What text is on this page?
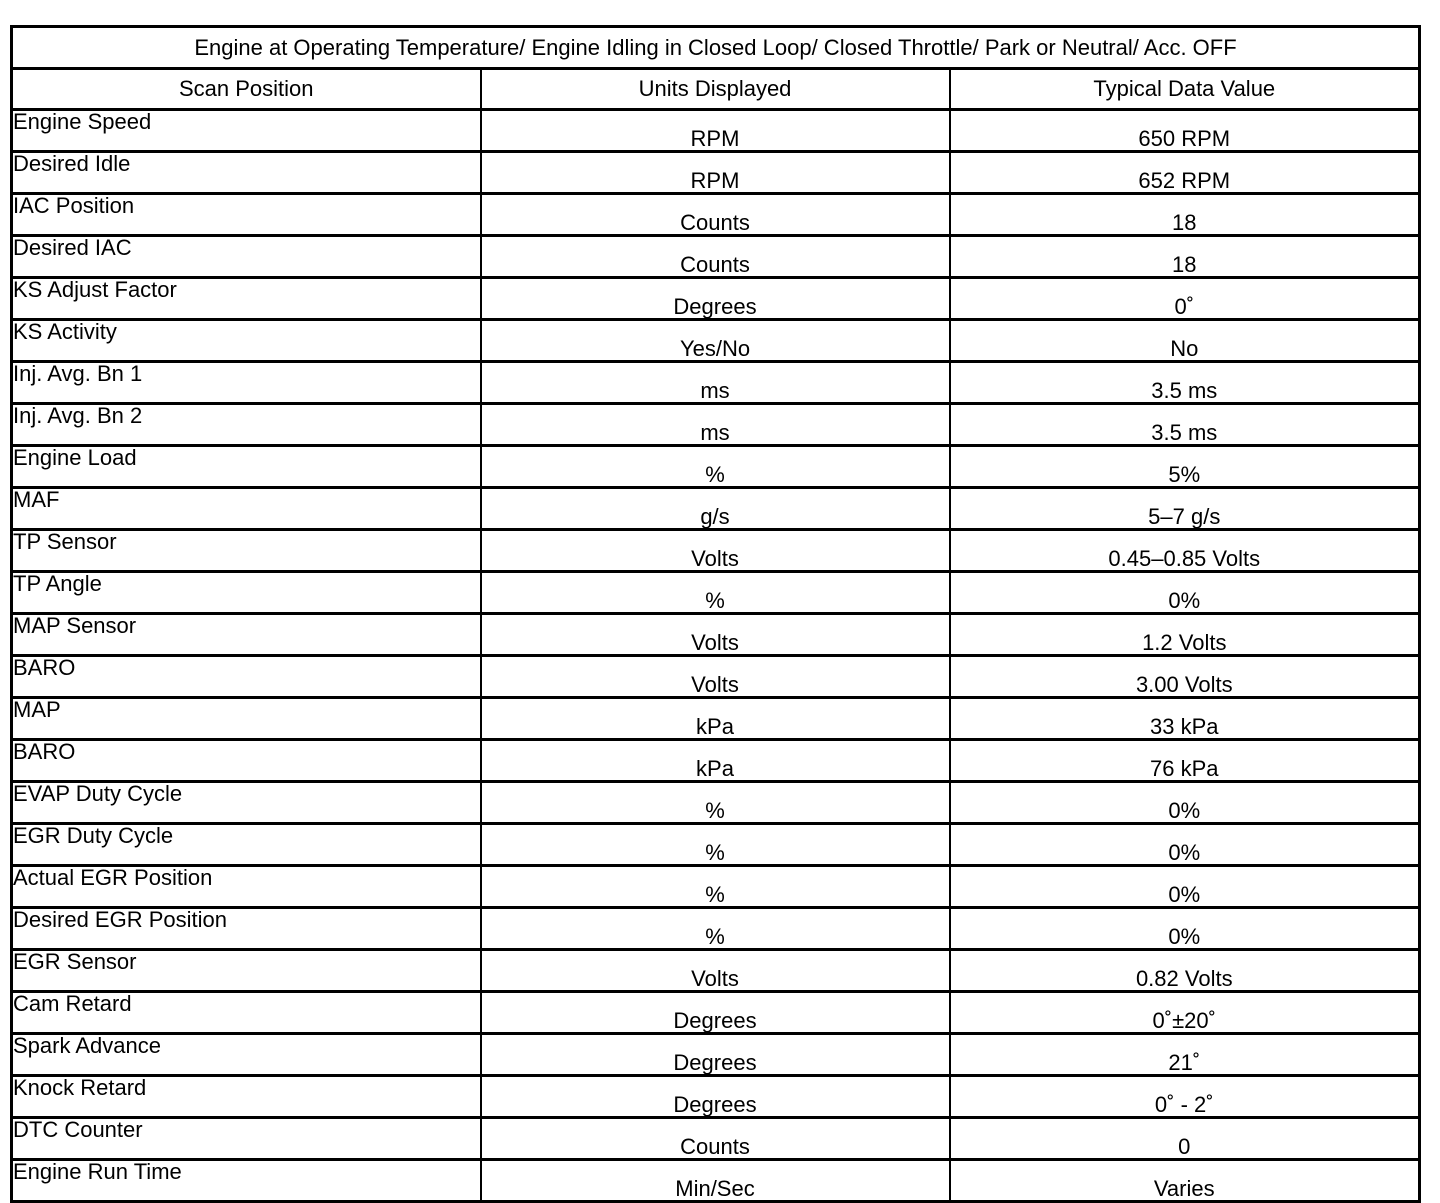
Engine at Operating Temperature/ Engine Idling in Closed Loop/ Closed Throttle/ Park or Neutral/ Acc. OFF		
Scan Position	Units Displayed	Typical Data Value
Engine Speed	RPM	650 RPM
Desired Idle	RPM	652 RPM
IAC Position	Counts	18
Desired IAC	Counts	18
KS Adjust Factor	Degrees	0˚
KS Activity	Yes/No	No
Inj. Avg. Bn 1	ms	3.5 ms
Inj. Avg. Bn 2	ms	3.5 ms
Engine Load	%	5%
MAF	g/s	5–7 g/s
TP Sensor	Volts	0.45–0.85 Volts
TP Angle	%	0%
MAP Sensor	Volts	1.2 Volts
BARO	Volts	3.00 Volts
MAP	kPa	33 kPa
BARO	kPa	76 kPa
EVAP Duty Cycle	%	0%
EGR Duty Cycle	%	0%
Actual EGR Position	%	0%
Desired EGR Position	%	0%
EGR Sensor	Volts	0.82 Volts
Cam Retard	Degrees	0˚±20˚
Spark Advance	Degrees	21˚
Knock Retard	Degrees	0˚ - 2˚
DTC Counter	Counts	0
Engine Run Time	Min/Sec	Varies
